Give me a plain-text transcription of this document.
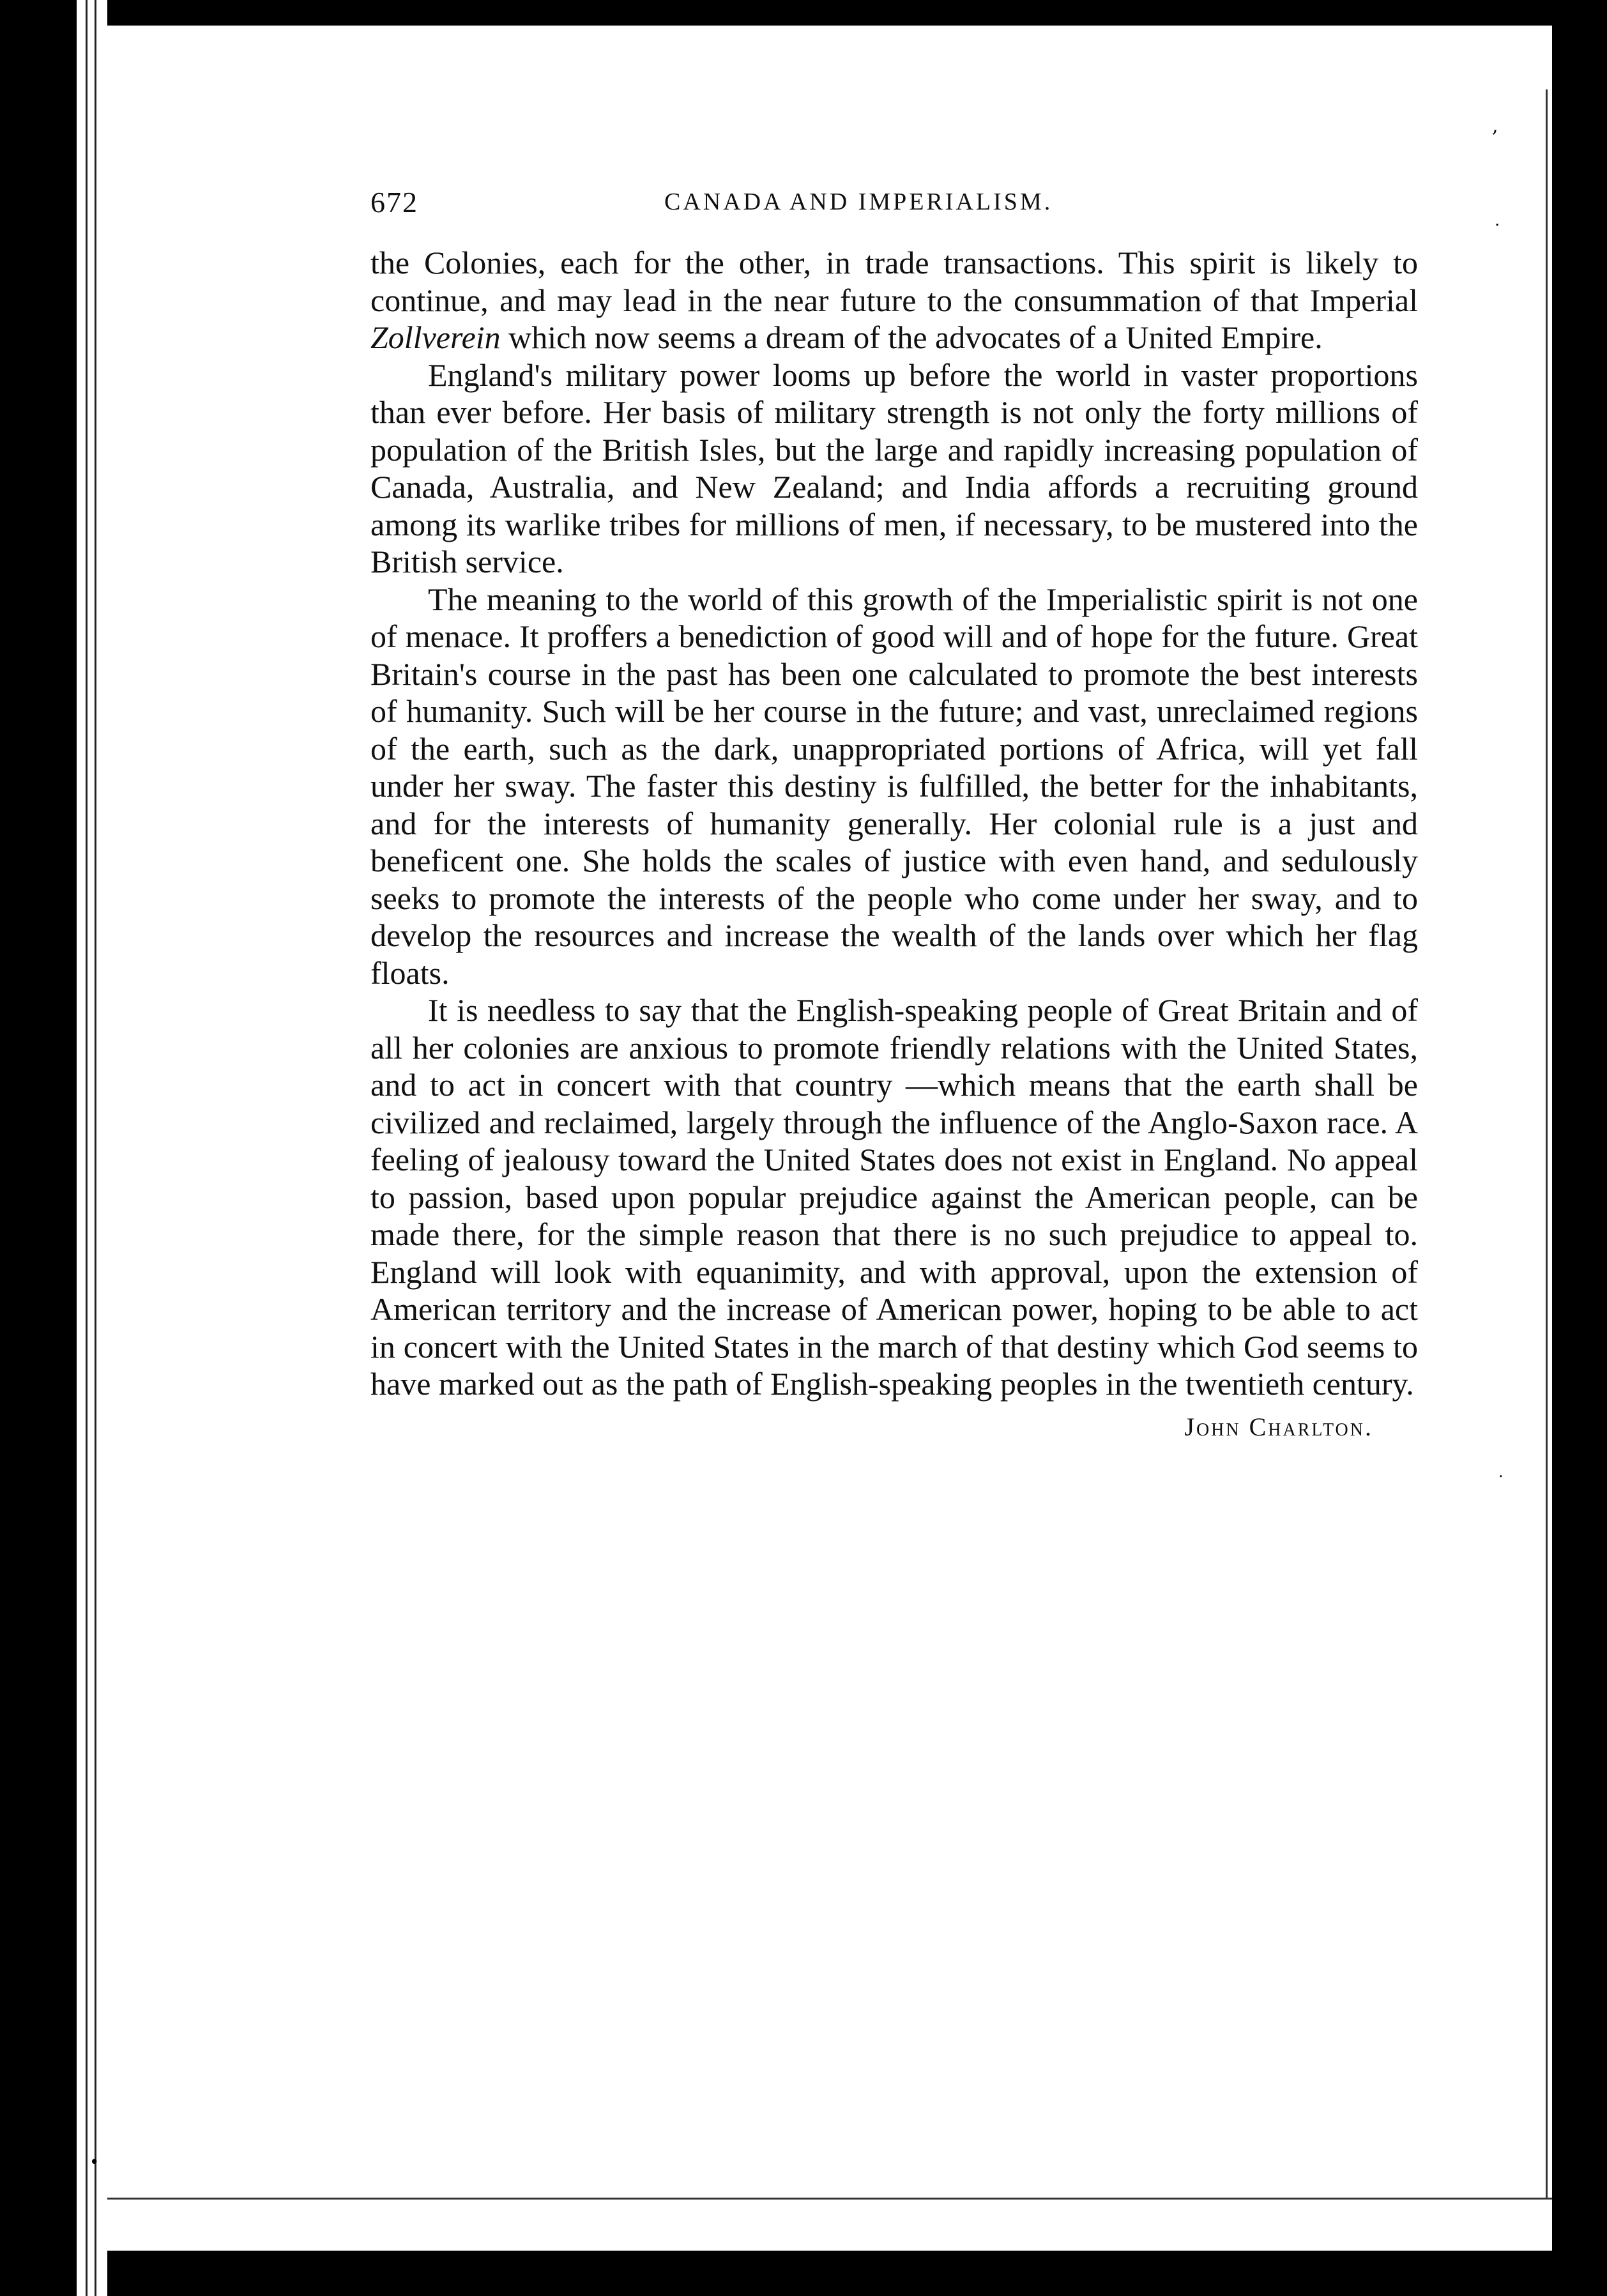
,
.
.
•
672	CANADA AND IMPERIALISM.

the Colonies, each for the other, in trade transactions. This spirit is likely to continue, and may lead in the near future to the consummation of that Imperial Zollverein which now seems a dream of the advocates of a United Empire.

England's military power looms up before the world in vaster proportions than ever before. Her basis of military strength is not only the forty millions of population of the British Isles, but the large and rapidly increasing population of Canada, Australia, and New Zealand; and India affords a recruiting ground among its warlike tribes for millions of men, if necessary, to be mustered into the British service.

The meaning to the world of this growth of the Imperialistic spirit is not one of menace. It proffers a benediction of good will and of hope for the future. Great Britain's course in the past has been one calculated to promote the best interests of humanity. Such will be her course in the future; and vast, unreclaimed regions of the earth, such as the dark, unappropriated portions of Africa, will yet fall under her sway. The faster this destiny is fulfilled, the better for the inhabitants, and for the interests of humanity generally. Her colonial rule is a just and beneficent one. She holds the scales of justice with even hand, and sedulously seeks to promote the interests of the people who come under her sway, and to develop the resources and increase the wealth of the lands over which her flag floats.

It is needless to say that the English-speaking people of Great Britain and of all her colonies are anxious to promote friendly relations with the United States, and to act in concert with that country —which means that the earth shall be civilized and reclaimed, largely through the influence of the Anglo-Saxon race. A feeling of jealousy toward the United States does not exist in England. No appeal to passion, based upon popular prejudice against the American people, can be made there, for the simple reason that there is no such prejudice to appeal to. England will look with equanimity, and with approval, upon the extension of American territory and the increase of American power, hoping to be able to act in concert with the United States in the march of that destiny which God seems to have marked out as the path of English-speaking peoples in the twentieth century.

John Charlton.
